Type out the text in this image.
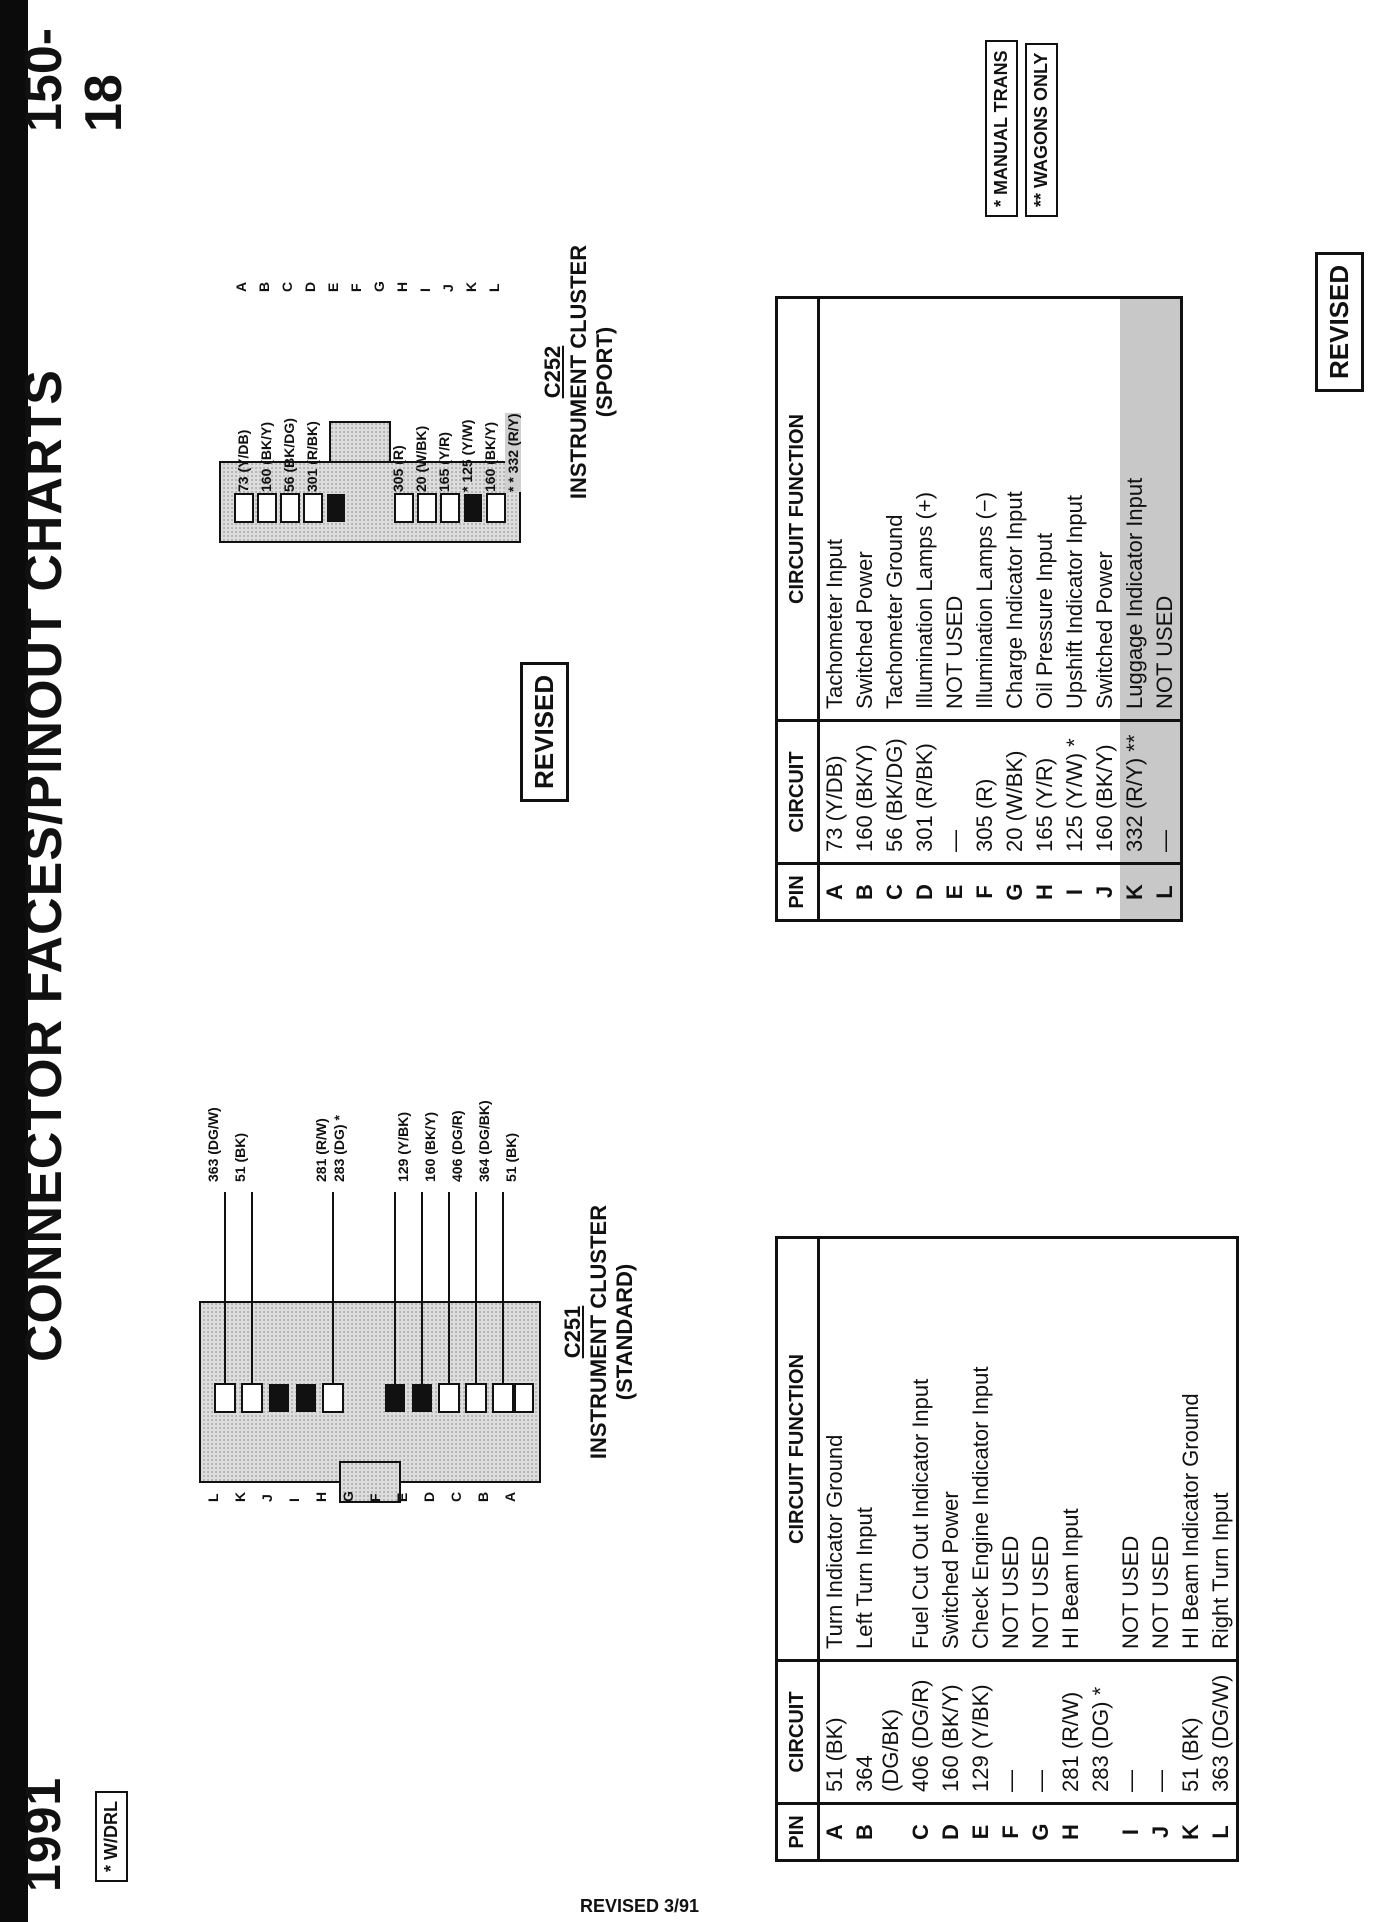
1991
CONNECTOR FACES/PINOUT CHARTS
150-18
* W/DRL
* MANUAL TRANS	** WAGONS ONLY
C251 INSTRUMENT CLUSTER
(STANDARD)
363 (DG/W) 51 (BK)	281 (R/W) 283 (DG) *	129 (Y/BK) 160 (BK/Y) 406 (DG/R) 364 (DG/BK) 51 (BK)
L K J I H G F E D C B A
C252 INSTRUMENT CLUSTER
(SPORT)
73 (Y/DB) 160 (BK/Y) 56 (BK/DG) 301 (R/BK)	305 (R) 20 (W/BK) 165 (Y/R) * 125 (Y/W) 160 (BK/Y) * * 332 (R/Y)
A B C D E F G H I J K L
REVISED
REVISED
PIN	CIRCUIT	CIRCUIT FUNCTION
A	51 (BK)	Turn Indicator Ground
B	364 (DG/BK)	Left Turn Input
C	406 (DG/R)	Fuel Cut Out Indicator Input
D	160 (BK/Y)	Switched Power
E	129 (Y/BK)	Check Engine Indicator Input
F	—	NOT USED
G	—	NOT USED
H	281 (R/W)	HI Beam Input
	283 (DG) *	
I	—	NOT USED
J	—	NOT USED
K	51 (BK)	HI Beam Indicator Ground
L	363 (DG/W)	Right Turn Input
PIN	CIRCUIT	CIRCUIT FUNCTION
A	73 (Y/DB)	Tachometer Input
B	160 (BK/Y)	Switched Power
C	56 (BK/DG)	Tachometer Ground
D	301 (R/BK)	Illumination Lamps (+)
E	—	NOT USED
F	305 (R)	Illumination Lamps (−)
G	20 (W/BK)	Charge Indicator Input
H	165 (Y/R)	Oil Pressure Input
I	125 (Y/W) *	Upshift Indicator Input
J	160 (BK/Y)	Switched Power
K	332 (R/Y) **	Luggage Indicator Input
L	—	NOT USED
REVISED 3/91
